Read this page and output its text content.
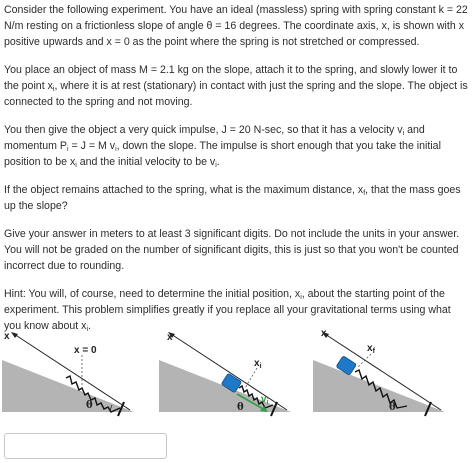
Consider the following experiment. You have an ideal (massless) spring with spring constant k = 22 N/m resting on a frictionless slope of angle θ = 16 degrees. The coordinate axis, x, is shown with x positive upwards and x = 0 as the point where the spring is not stretched or compressed.

You place an object of mass M = 2.1 kg on the slope, attach it to the spring, and slowly lower it to the point $x_i$, where it is at rest (stationary) in contact with just the spring and the slope. The object is connected to the spring and not moving.

You then give the object a very quick impulse, J = 20 N-sec, so that it has a velocity $v_i$ and momentum $P_i = J = M$ $v_i$, down the slope. The impulse is short enough that you take the initial position to be $x_i$ and the initial velocity to be $v_i$.

If the object remains attached to the spring, what is the maximum distance, $x_f$, that the mass goes up the slope?

Give your answer in meters to at least 3 significant digits. Do not include the units in your answer. You will not be graded on the number of significant digits, this is just so that you won't be counted incorrect due to rounding.

Hint: You will, of course, need to determine the initial position, $x_i$, about the starting point of the experiment. This problem simplifies greatly if you replace all your gravitational terms using what you know about $x_i$.

x
x = 0
θ
x
$x_i$
$v_i$
θ
x
$x_f$
θ
